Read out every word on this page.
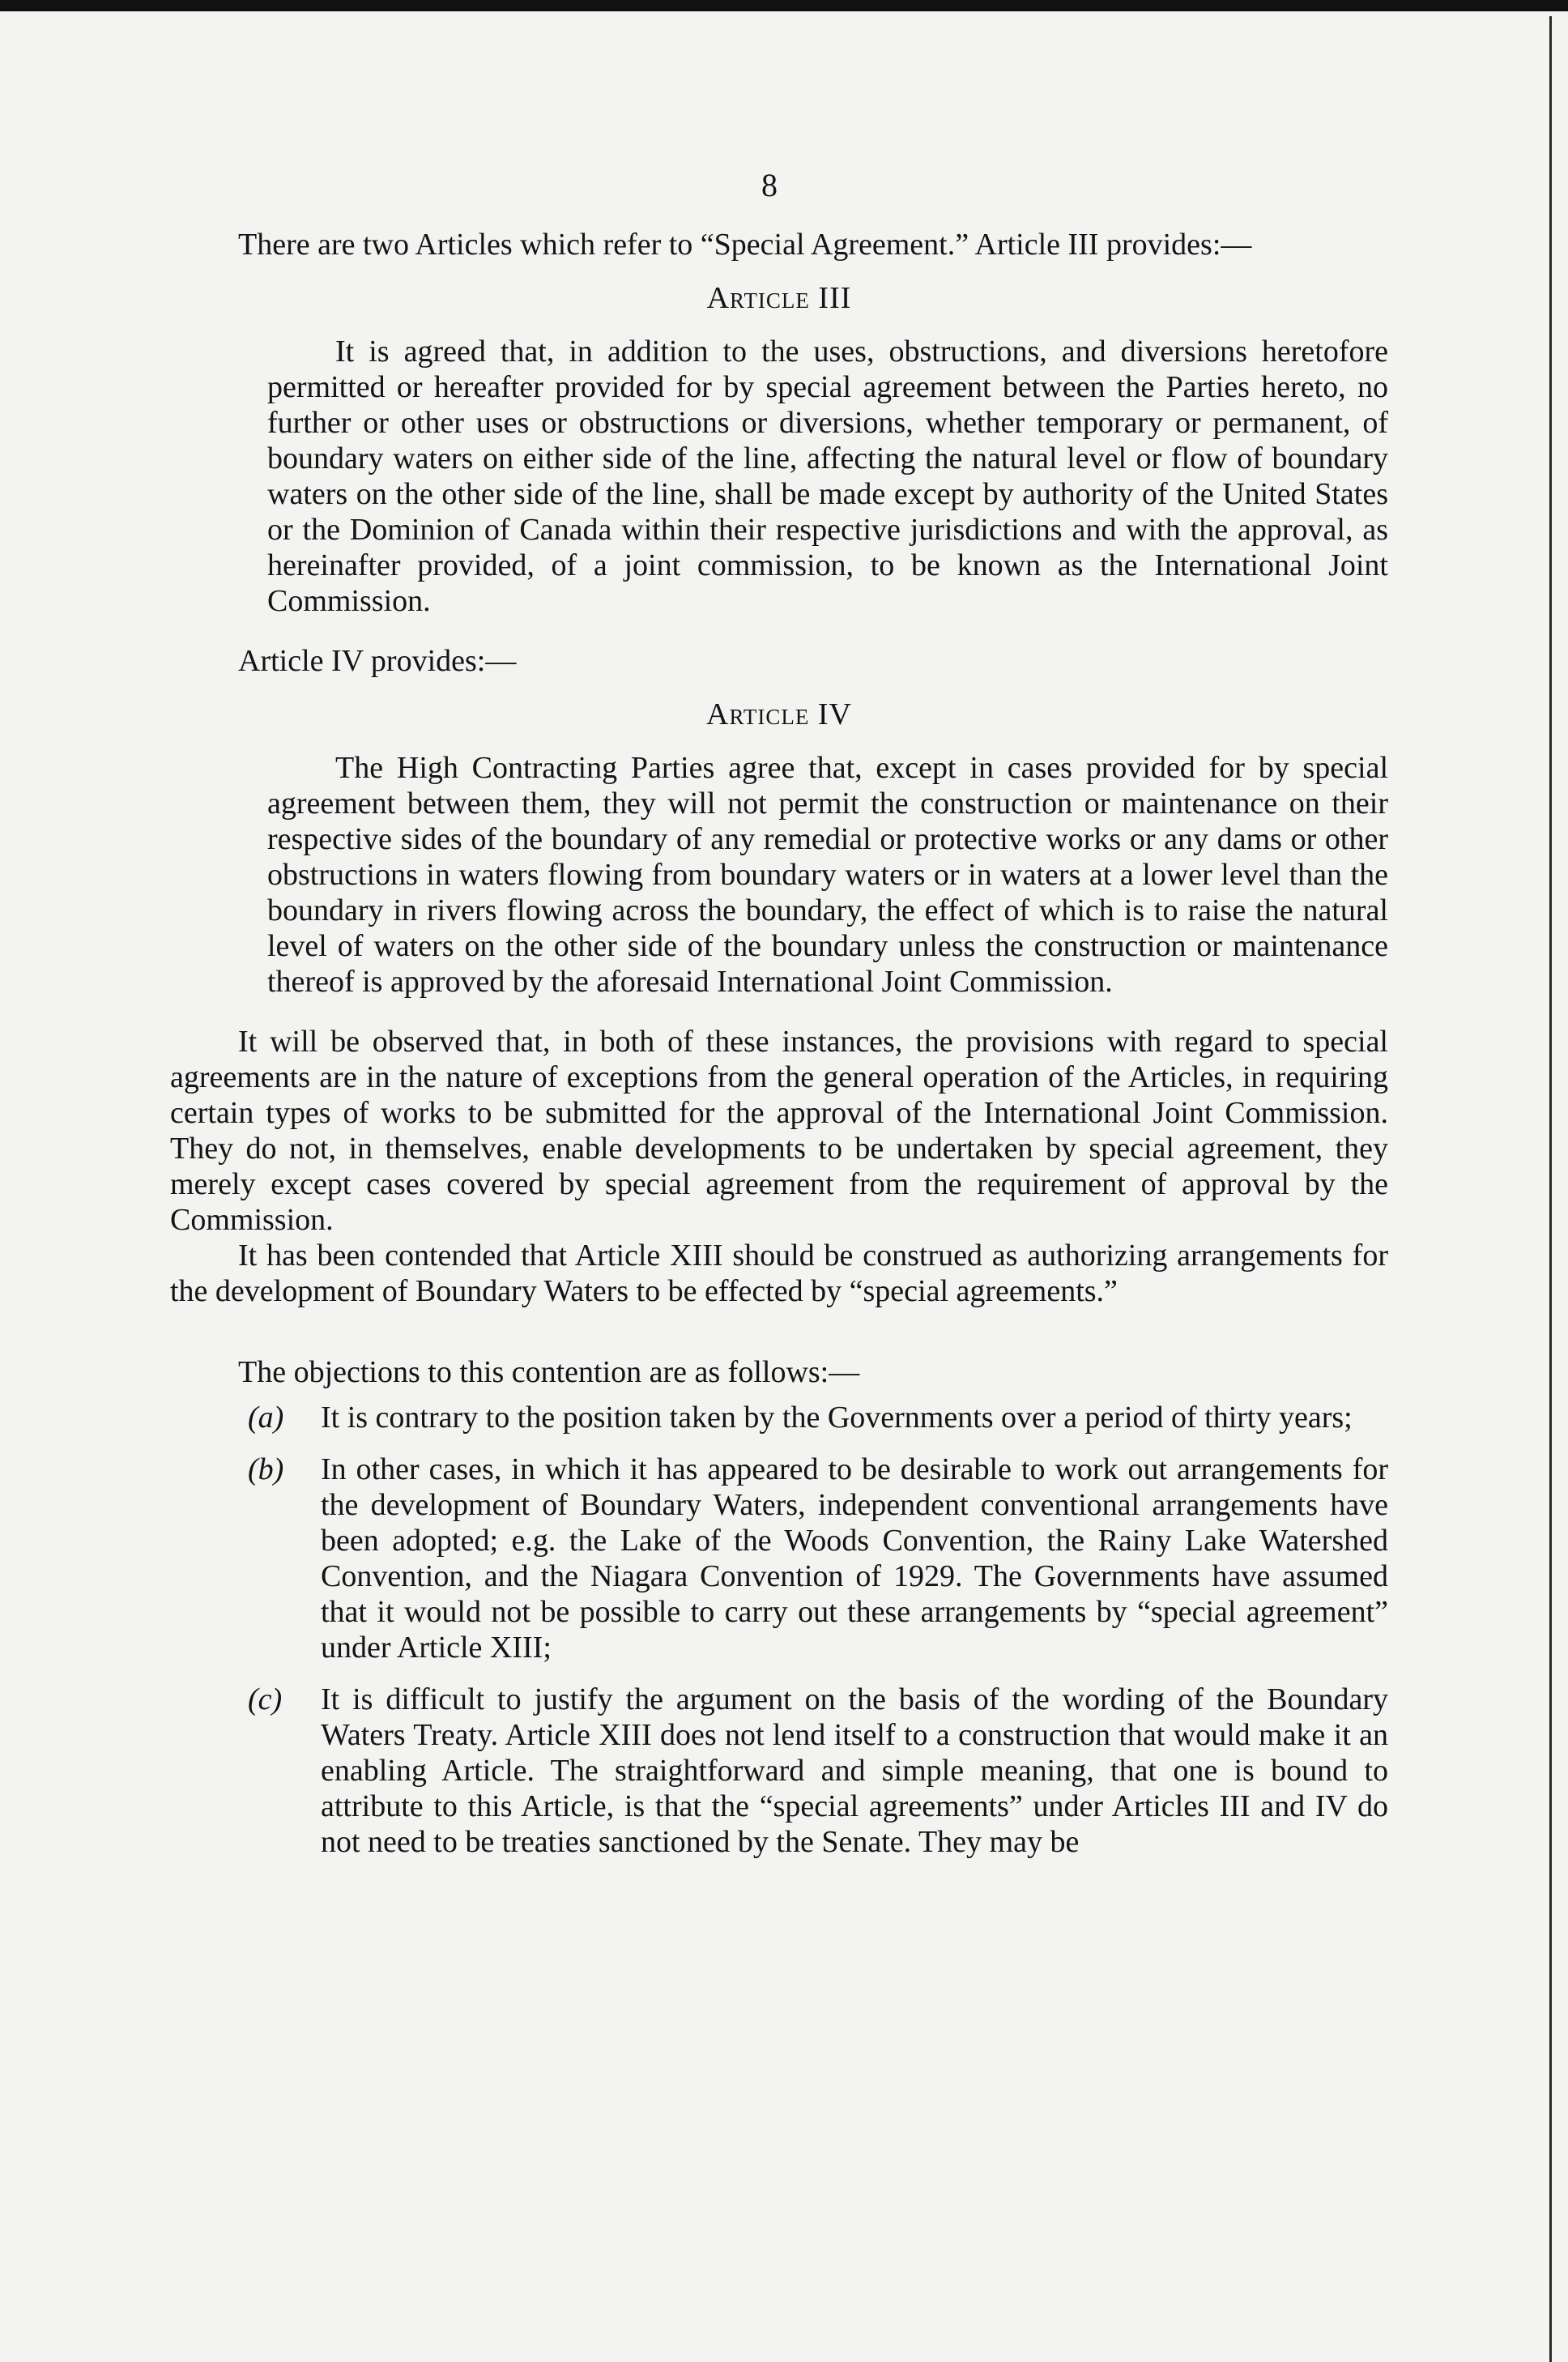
8

There are two Articles which refer to “Special Agreement.” Article III provides:—

Article III

It is agreed that, in addition to the uses, obstructions, and diversions heretofore permitted or hereafter provided for by special agreement between the Parties hereto, no further or other uses or obstructions or diversions, whether temporary or permanent, of boundary waters on either side of the line, affecting the natural level or flow of boundary waters on the other side of the line, shall be made except by authority of the United States or the Dominion of Canada within their respective jurisdictions and with the approval, as hereinafter provided, of a joint commission, to be known as the International Joint Commission.

Article IV provides:—

Article IV

The High Contracting Parties agree that, except in cases provided for by special agreement between them, they will not permit the construction or maintenance on their respective sides of the boundary of any remedial or protective works or any dams or other obstructions in waters flowing from boundary waters or in waters at a lower level than the boundary in rivers flowing across the boundary, the effect of which is to raise the natural level of waters on the other side of the boundary unless the construction or maintenance thereof is approved by the aforesaid International Joint Commission.

It will be observed that, in both of these instances, the provisions with regard to special agreements are in the nature of exceptions from the general operation of the Articles, in requiring certain types of works to be submitted for the approval of the International Joint Commission. They do not, in themselves, enable developments to be undertaken by special agreement, they merely except cases covered by special agreement from the requirement of approval by the Commission.

It has been contended that Article XIII should be construed as authorizing arrangements for the development of Boundary Waters to be effected by “special agreements.”

The objections to this contention are as follows:—

(a) It is contrary to the position taken by the Governments over a period of thirty years;
(b) In other cases, in which it has appeared to be desirable to work out arrangements for the development of Boundary Waters, independent conventional arrangements have been adopted; e.g. the Lake of the Woods Convention, the Rainy Lake Watershed Convention, and the Niagara Convention of 1929. The Governments have assumed that it would not be possible to carry out these arrangements by “special agreement” under Article XIII;
(c) It is difficult to justify the argument on the basis of the wording of the Boundary Waters Treaty. Article XIII does not lend itself to a construction that would make it an enabling Article. The straightforward and simple meaning, that one is bound to attribute to this Article, is that the “special agreements” under Articles III and IV do not need to be treaties sanctioned by the Senate. They may be
